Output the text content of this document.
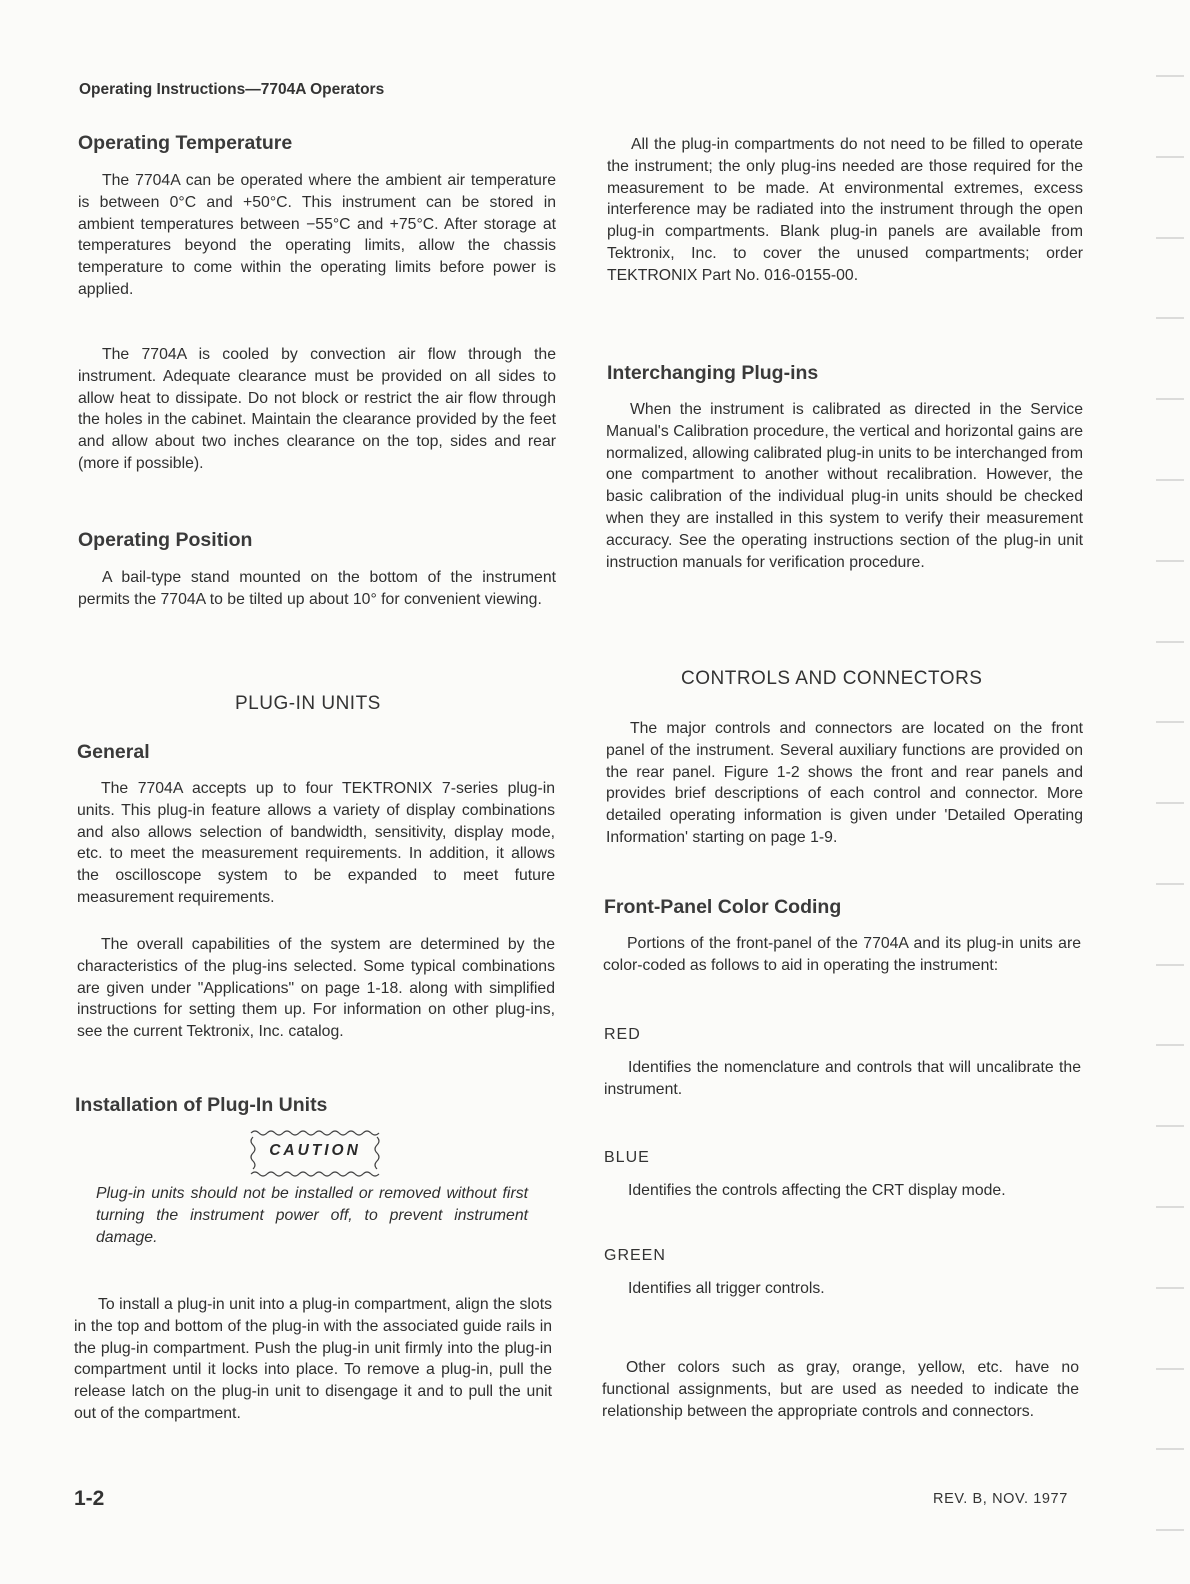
Operating Instructions—7704A Operators
Operating Temperature
The 7704A can be operated where the ambient air temperature is between 0°C and +50°C. This instrument can be stored in ambient temperatures between −55°C and +75°C. After storage at temperatures beyond the operating limits, allow the chassis temperature to come within the operating limits before power is applied.
The 7704A is cooled by convection air flow through the instrument. Adequate clearance must be provided on all sides to allow heat to dissipate. Do not block or restrict the air flow through the holes in the cabinet. Maintain the clearance provided by the feet and allow about two inches clearance on the top, sides and rear (more if possible).
Operating Position
A bail-type stand mounted on the bottom of the instrument permits the 7704A to be tilted up about 10° for convenient viewing.
PLUG-IN UNITS
General
The 7704A accepts up to four TEKTRONIX 7-series plug-in units. This plug-in feature allows a variety of display combinations and also allows selection of bandwidth, sensitivity, display mode, etc. to meet the measurement requirements. In addition, it allows the oscilloscope system to be expanded to meet future measurement requirements.
The overall capabilities of the system are determined by the characteristics of the plug-ins selected. Some typical combinations are given under "Applications" on page 1-18. along with simplified instructions for setting them up. For information on other plug-ins, see the current Tektronix, Inc. catalog.
Installation of Plug-In Units
CAUTION
Plug-in units should not be installed or removed without first turning the instrument power off, to prevent instrument damage.
To install a plug-in unit into a plug-in compartment, align the slots in the top and bottom of the plug-in with the associated guide rails in the plug-in compartment. Push the plug-in unit firmly into the plug-in compartment until it locks into place. To remove a plug-in, pull the release latch on the plug-in unit to disengage it and to pull the unit out of the compartment.
All the plug-in compartments do not need to be filled to operate the instrument; the only plug-ins needed are those required for the measurement to be made. At environmental extremes, excess interference may be radiated into the instrument through the open plug-in compartments. Blank plug-in panels are available from Tektronix, Inc. to cover the unused compartments; order TEKTRONIX Part No. 016-0155-00.
Interchanging Plug-ins
When the instrument is calibrated as directed in the Service Manual's Calibration procedure, the vertical and horizontal gains are normalized, allowing calibrated plug-in units to be interchanged from one compartment to another without recalibration. However, the basic calibration of the individual plug-in units should be checked when they are installed in this system to verify their measurement accuracy. See the operating instructions section of the plug-in unit instruction manuals for verification procedure.
CONTROLS AND CONNECTORS
The major controls and connectors are located on the front panel of the instrument. Several auxiliary functions are provided on the rear panel. Figure 1-2 shows the front and rear panels and provides brief descriptions of each control and connector. More detailed operating information is given under 'Detailed Operating Information' starting on page 1-9.
Front-Panel Color Coding
Portions of the front-panel of the 7704A and its plug-in units are color-coded as follows to aid in operating the instrument:
RED
Identifies the nomenclature and controls that will uncalibrate the instrument.
BLUE
Identifies the controls affecting the CRT display mode.
GREEN
Identifies all trigger controls.
Other colors such as gray, orange, yellow, etc. have no functional assignments, but are used as needed to indicate the relationship between the appropriate controls and connectors.
1-2	REV. B, NOV. 1977
